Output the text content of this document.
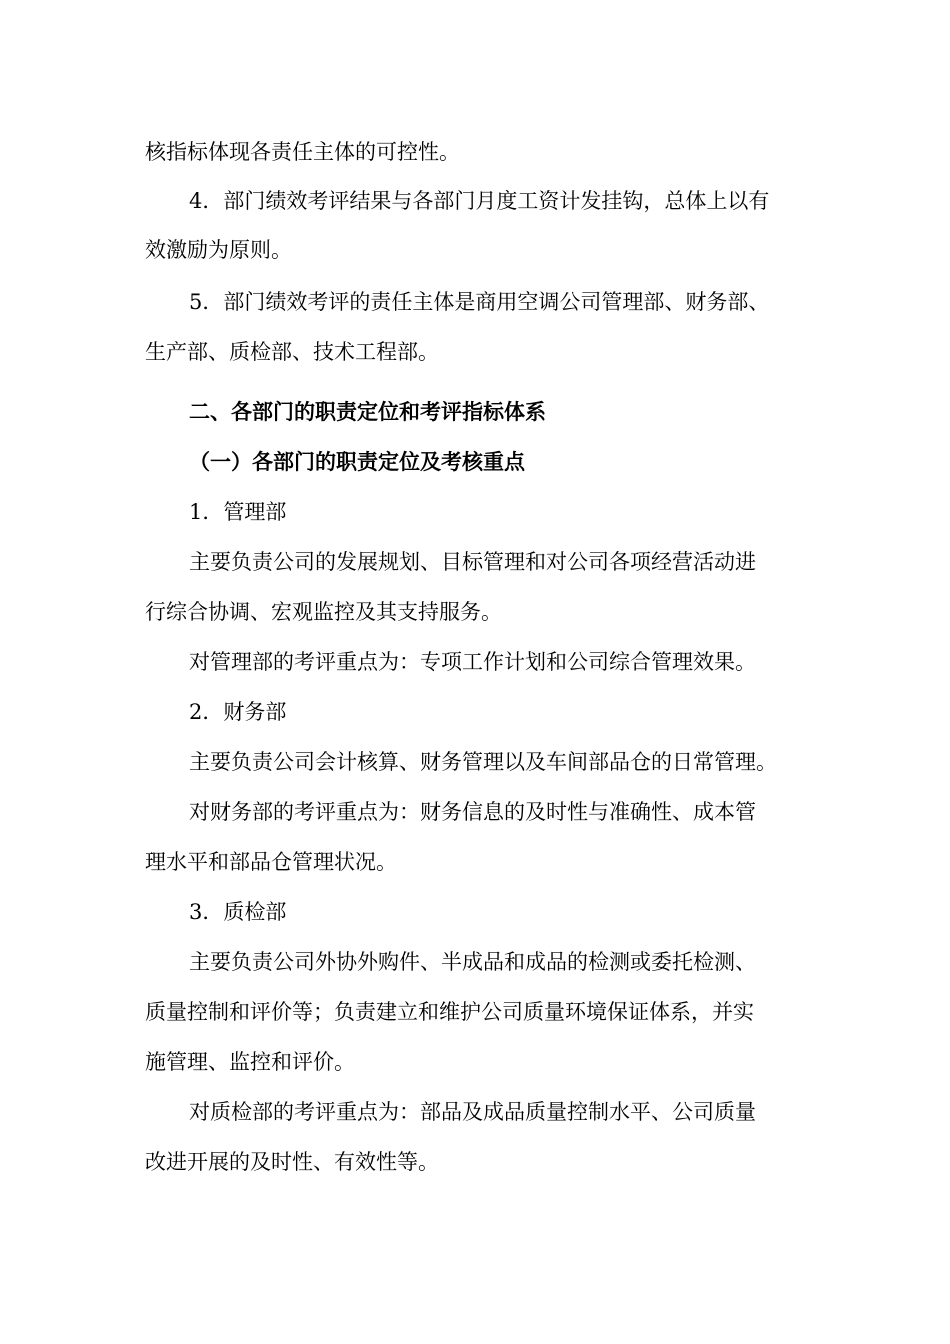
核指标体现各责任主体的可控性。
4．部门绩效考评结果与各部门月度工资计发挂钩，总体上以有
效激励为原则。
5．部门绩效考评的责任主体是商用空调公司管理部、财务部、
生产部、质检部、技术工程部。
二、各部门的职责定位和考评指标体系
（一）各部门的职责定位及考核重点
1．管理部
主要负责公司的发展规划、目标管理和对公司各项经营活动进
行综合协调、宏观监控及其支持服务。
对管理部的考评重点为：专项工作计划和公司综合管理效果。
2．财务部
主要负责公司会计核算、财务管理以及车间部品仓的日常管理。
对财务部的考评重点为：财务信息的及时性与准确性、成本管
理水平和部品仓管理状况。
3．质检部
主要负责公司外协外购件、半成品和成品的检测或委托检测、
质量控制和评价等；负责建立和维护公司质量环境保证体系，并实
施管理、监控和评价。
对质检部的考评重点为：部品及成品质量控制水平、公司质量
改进开展的及时性、有效性等。
